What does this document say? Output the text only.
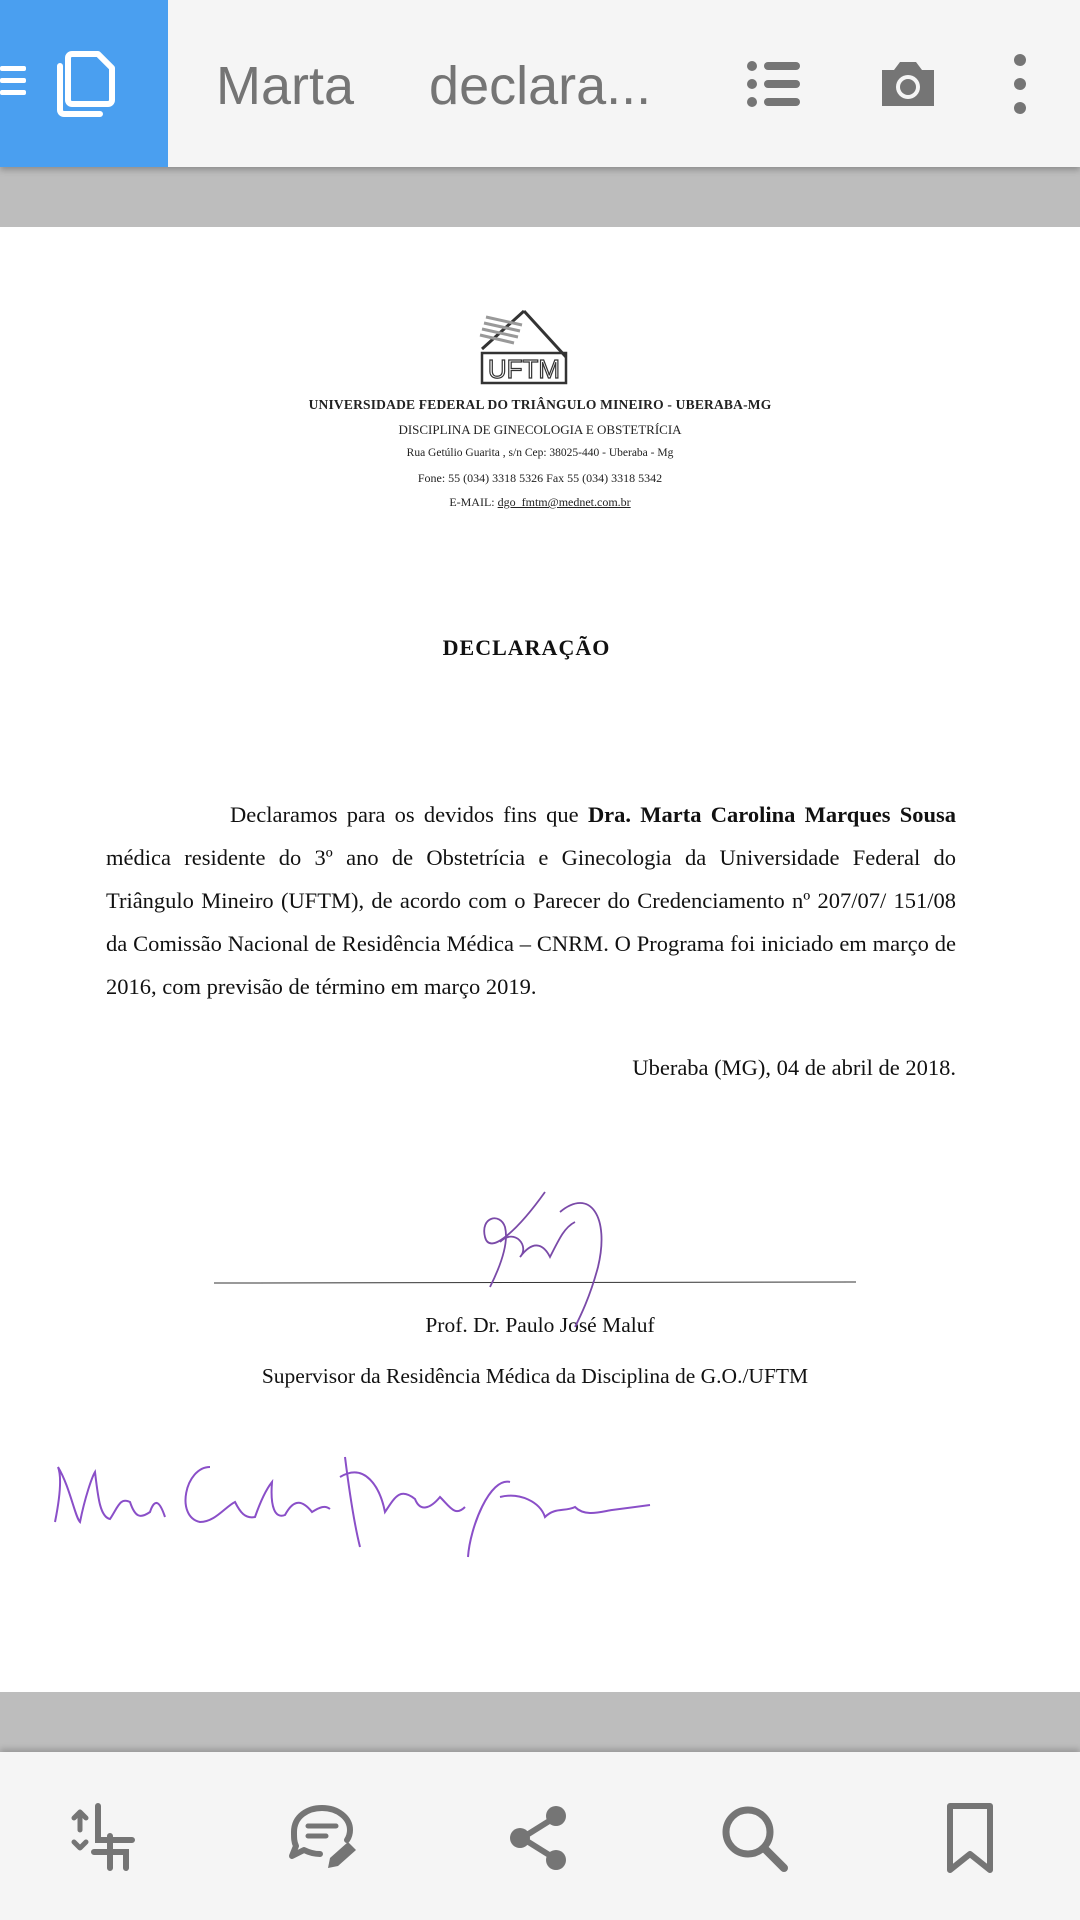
Marta     declara...
UFTM
UNIVERSIDADE FEDERAL DO TRIÂNGULO MINEIRO - UBERABA-MG
DISCIPLINA DE GINECOLOGIA E OBSTETRÍCIA
Rua Getúlio Guarita , s/n Cep: 38025-440 - Uberaba - Mg
Fone: 55 (034) 3318 5326 Fax 55 (034) 3318 5342
E-MAIL: dgo_fmtm@mednet.com.br
DECLARAÇÃO
Declaramos para os devidos fins que Dra. Marta Carolina Marques Sousa médica residente do 3º ano de Obstetrícia e Ginecologia da Universidade Federal do Triângulo Mineiro (UFTM), de acordo com o Parecer do Credenciamento nº 207/07/ 151/08 da Comissão Nacional de Residência Médica – CNRM. O Programa foi iniciado em março de 2016, com previsão de término em março 2019.
Uberaba (MG), 04 de abril de 2018.
Prof. Dr. Paulo José Maluf
Supervisor da Residência Médica da Disciplina de G.O./UFTM
